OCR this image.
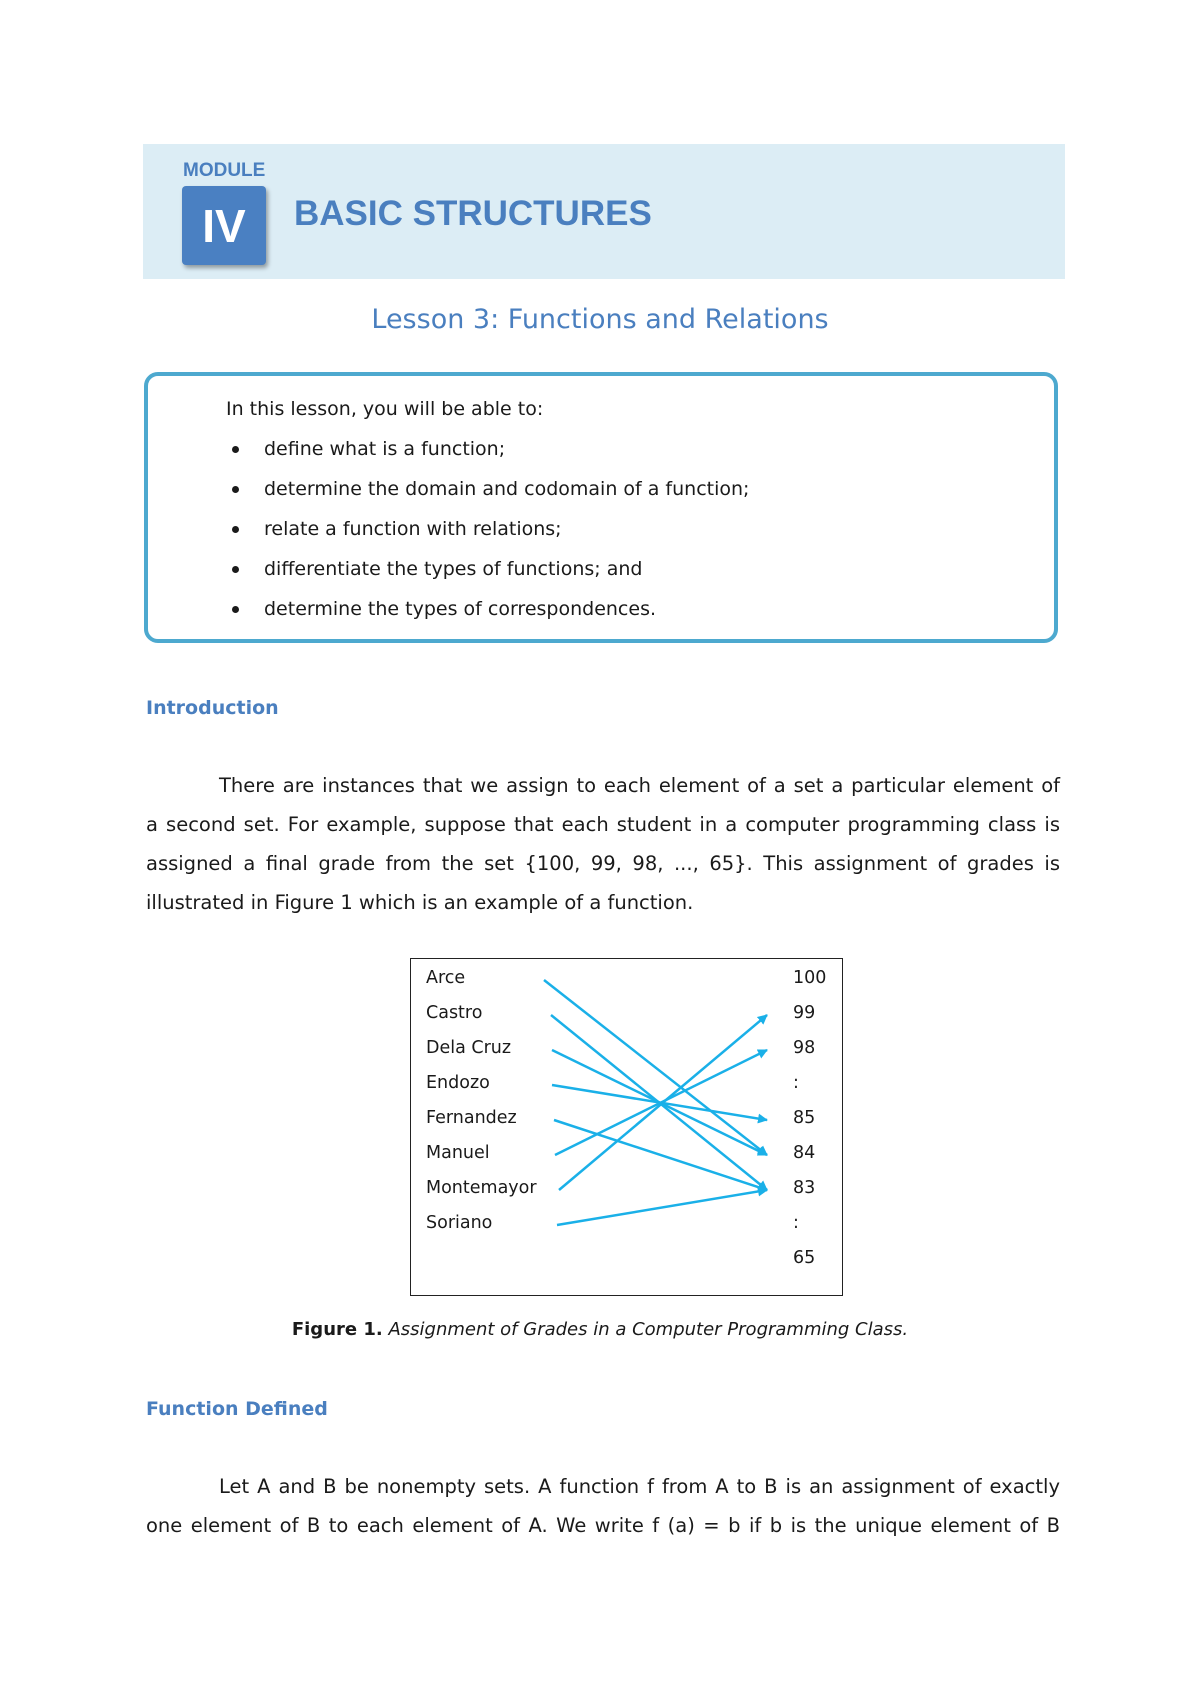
MODULE
IV	BASIC STRUCTURES
Lesson 3: Functions and Relations
In this lesson, you will be able to:
define what is a function;
determine the domain and codomain of a function;
relate a function with relations;
differentiate the types of functions; and
determine the types of correspondences.
Introduction
There are instances that we assign to each element of a set a particular element of
a second set. For example, suppose that each student in a computer programming class is
assigned a final grade from the set {100, 99, 98, ..., 65}. This assignment of grades is
illustrated in Figure 1 which is an example of a function.
Arce
Castro
Dela Cruz
Endozo
Fernandez
Manuel
Montemayor
Soriano
100
99
98
:
85
84
83
:
65
Figure 1. Assignment of Grades in a Computer Programming Class.
Function Defined
Let A and B be nonempty sets. A function f from A to B is an assignment of exactly
one element of B to each element of A. We write f (a) = b if b is the unique element of B
